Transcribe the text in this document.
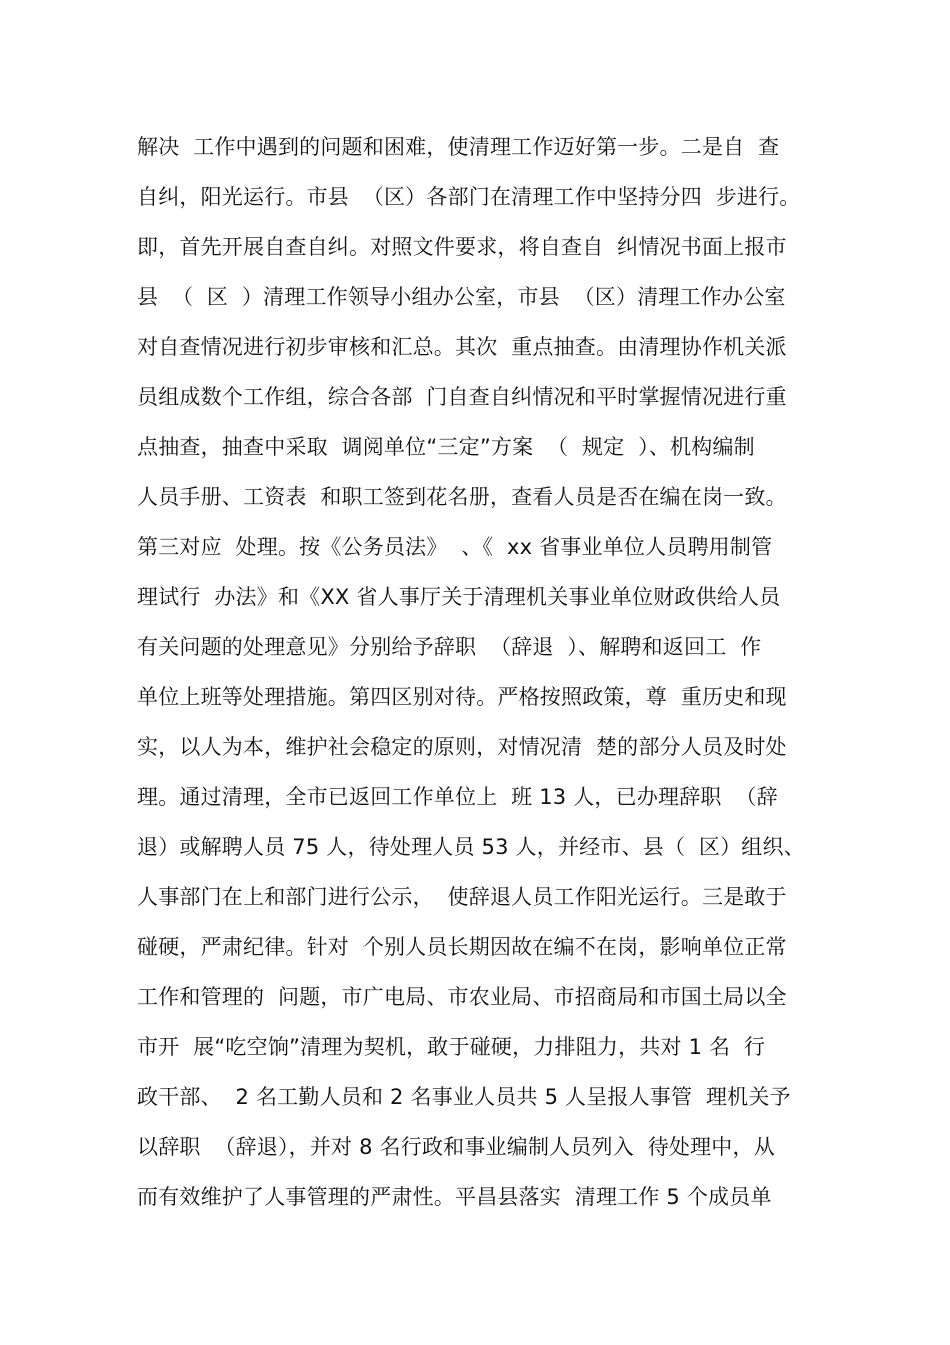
解决  工作中遇到的问题和困难，使清理工作迈好第一步。二是自  查
自纠，阳光运行。市县  （区）各部门在清理工作中坚持分四  步进行。
即，首先开展自查自纠。对照文件要求，将自查自  纠情况书面上报市
县  （  区  ）清理工作领导小组办公室，市县  （区）清理工作办公室
对自查情况进行初步审核和汇总。其次  重点抽查。由清理协作机关派
员组成数个工作组，综合各部  门自查自纠情况和平时掌握情况进行重
点抽查，抽查中采取  调阅单位“三定”方案  （  规定  ）、机构编制
人员手册、工资表  和职工签到花名册，查看人员是否在编在岗一致。
第三对应  处理。按《公务员法》  、《  xx 省事业单位人员聘用制管
理试行  办法》和《XX 省人事厅关于清理机关事业单位财政供给人员
有关问题的处理意见》分别给予辞职  （辞退  ）、解聘和返回工  作
单位上班等处理措施。第四区别对待。严格按照政策，尊  重历史和现
实，以人为本，维护社会稳定的原则，对情况清  楚的部分人员及时处
理。通过清理，全市已返回工作单位上  班 13 人，已办理辞职  （辞
退）或解聘人员 75 人，待处理人员 53 人，并经市、县（  区）组织、
人事部门在上和部门进行公示，  使辞退人员工作阳光运行。三是敢于
碰硬，严肃纪律。针对  个别人员长期因故在编不在岗，影响单位正常
工作和管理的  问题，市广电局、市农业局、市招商局和市国土局以全
市开  展“吃空饷”清理为契机，敢于碰硬，力排阻力，共对 1 名  行
政干部、  2 名工勤人员和 2 名事业人员共 5 人呈报人事管  理机关予
以辞职  （辞退），并对 8 名行政和事业编制人员列入  待处理中，从
而有效维护了人事管理的严肃性。平昌县落实  清理工作 5 个成员单
